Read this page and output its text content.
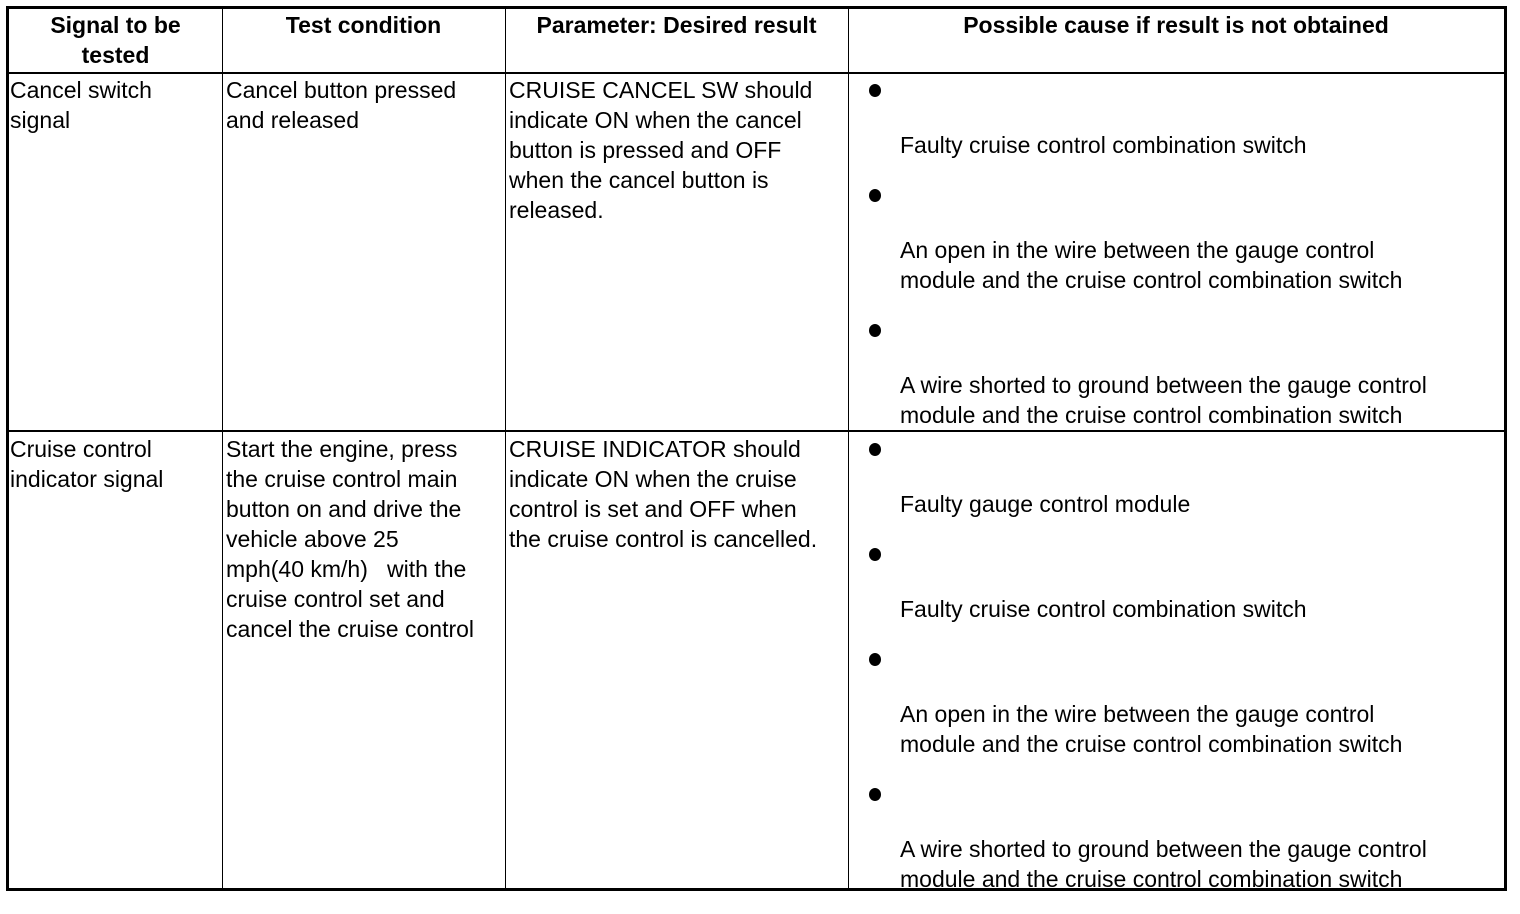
Signal to be
tested
Test condition	Parameter: Desired result	Possible cause if result is not obtained
Cancel switch
signal
Cancel button pressed
and released
CRUISE CANCEL SW should
indicate ON when the cancel
button is pressed and OFF
when the cancel button is
released.
Faulty cruise control combination switch
An open in the wire between the gauge control
module and the cruise control combination switch
A wire shorted to ground between the gauge control
module and the cruise control combination switch
Cruise control
indicator signal
Start the engine, press
the cruise control main
button on and drive the
vehicle above 25
mph(40 km/h)   with the
cruise control set and
cancel the cruise control
CRUISE INDICATOR should
indicate ON when the cruise
control is set and OFF when
the cruise control is cancelled.
Faulty gauge control module
Faulty cruise control combination switch
An open in the wire between the gauge control
module and the cruise control combination switch
A wire shorted to ground between the gauge control
module and the cruise control combination switch
